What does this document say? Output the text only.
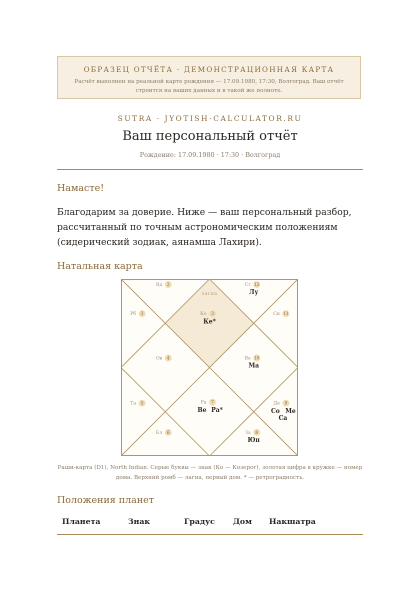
ОБРАЗЕЦ ОТЧЁТА · ДЕМОНСТРАЦИОННАЯ КАРТА
Расчёт выполнен на реальной карте рождения — 17.09.1980, 17:30, Волгоград. Ваш отчёт
строится на ваших данных и в такой же полноте.
SUTRA · JYOTISH-CALCULATOR.RU
Ваш персональный отчёт
Рождение: 17.09.1980 · 17:30 · Волгоград
Намасте!
Благодарим за доверие. Ниже — ваш персональный разбор,
рассчитанный по точным астрономическим положениям
(сидерический зодиак, аянамша Лахири).
Натальная карта
лагна
Ко 3
Ке*
Ст 12
Лу
Си 11
Ве 10
Ма
Де 9
Со Ме
Са
За 8
Юп
Ра 7
Ве Ра*
Бл 6
Та 5
Ов 4
Рб 3
Вд 2
Раши-карта (D1), North Indian. Серые буквы — знак (Ко — Козерог), золотая цифра в кружке — номер
дома. Верхний ромб — лагна, первый дом. * — ретроградность.
Положения планет
Планета	Знак	Градус Дом Накшатра
